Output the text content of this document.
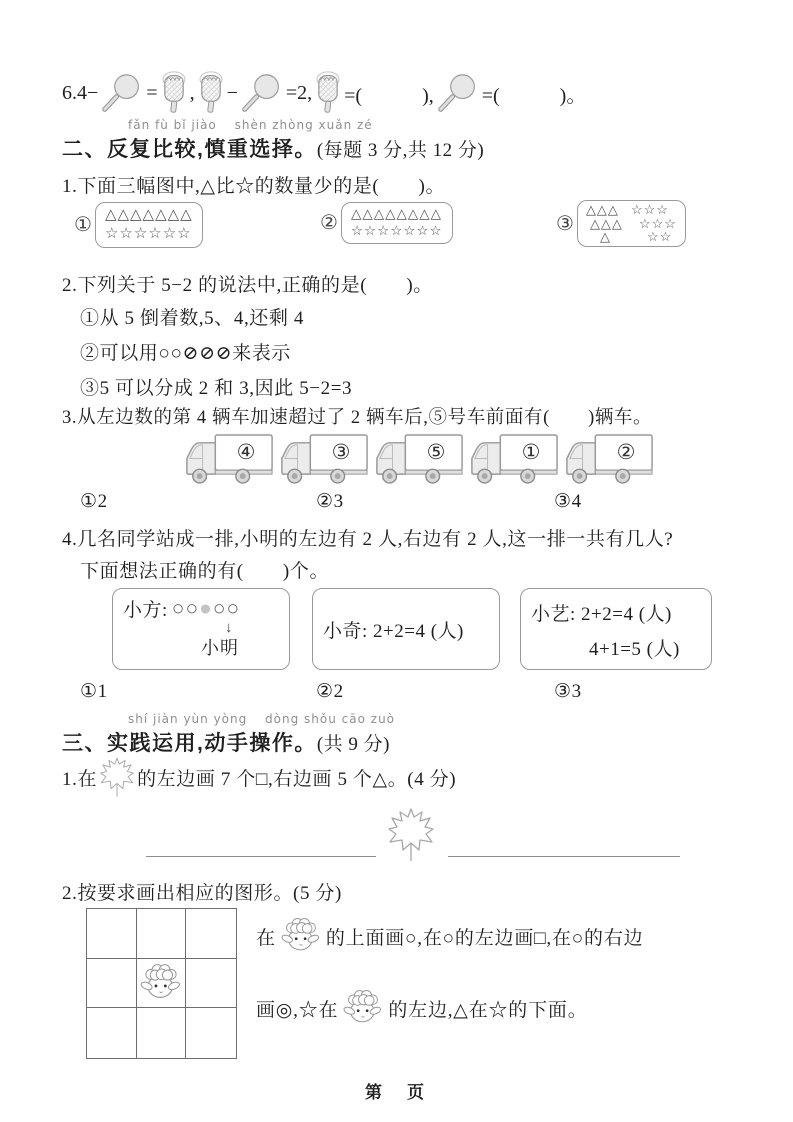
6.4− = , − =2, =(　　　), =(　　　)。
fǎn fù bǐ jiào　 shèn zhòng xuǎn zé
二、反复比较,慎重选择。(每题 3 分,共 12 分)
1.下面三幅图中,△比☆的数量少的是(　　)。
① △△△△△△△
☆☆☆☆☆☆	② △△△△△△△△
☆☆☆☆☆☆☆	③
△△△
△△△
△
☆☆☆
☆☆☆
☆☆
2.下列关于 5−2 的说法中,正确的是(　　)。
①从 5 倒着数,5、4,还剩 4
②可以用○○⊘⊘⊘来表示
③5 可以分成 2 和 3,因此 5−2=3
3.从左边数的第 4 辆车加速超过了 2 辆车后,⑤号车前面有(　　)辆车。
④	③	⑤	①	②
①2	②3	③4
4.几名同学站成一排,小明的左边有 2 人,右边有 2 人,这一排一共有几人?
下面想法正确的有(　　)个。
小方: ○○●○○
↓
小明
小奇: 2+2=4 (人)
小艺: 2+2=4 (人)
4+1=5 (人)
①1	②2	③3
shí jiàn yùn yòng　 dòng shǒu cāo zuò
三、实践运用,动手操作。(共 9 分)
1.在 的左边画 7 个□,右边画 5 个△。(4 分)
2.按要求画出相应的图形。(5 分)
在	的上面画○,在○的左边画□,在○的右边
画◎,☆在	的左边,△在☆的下面。
第　页
